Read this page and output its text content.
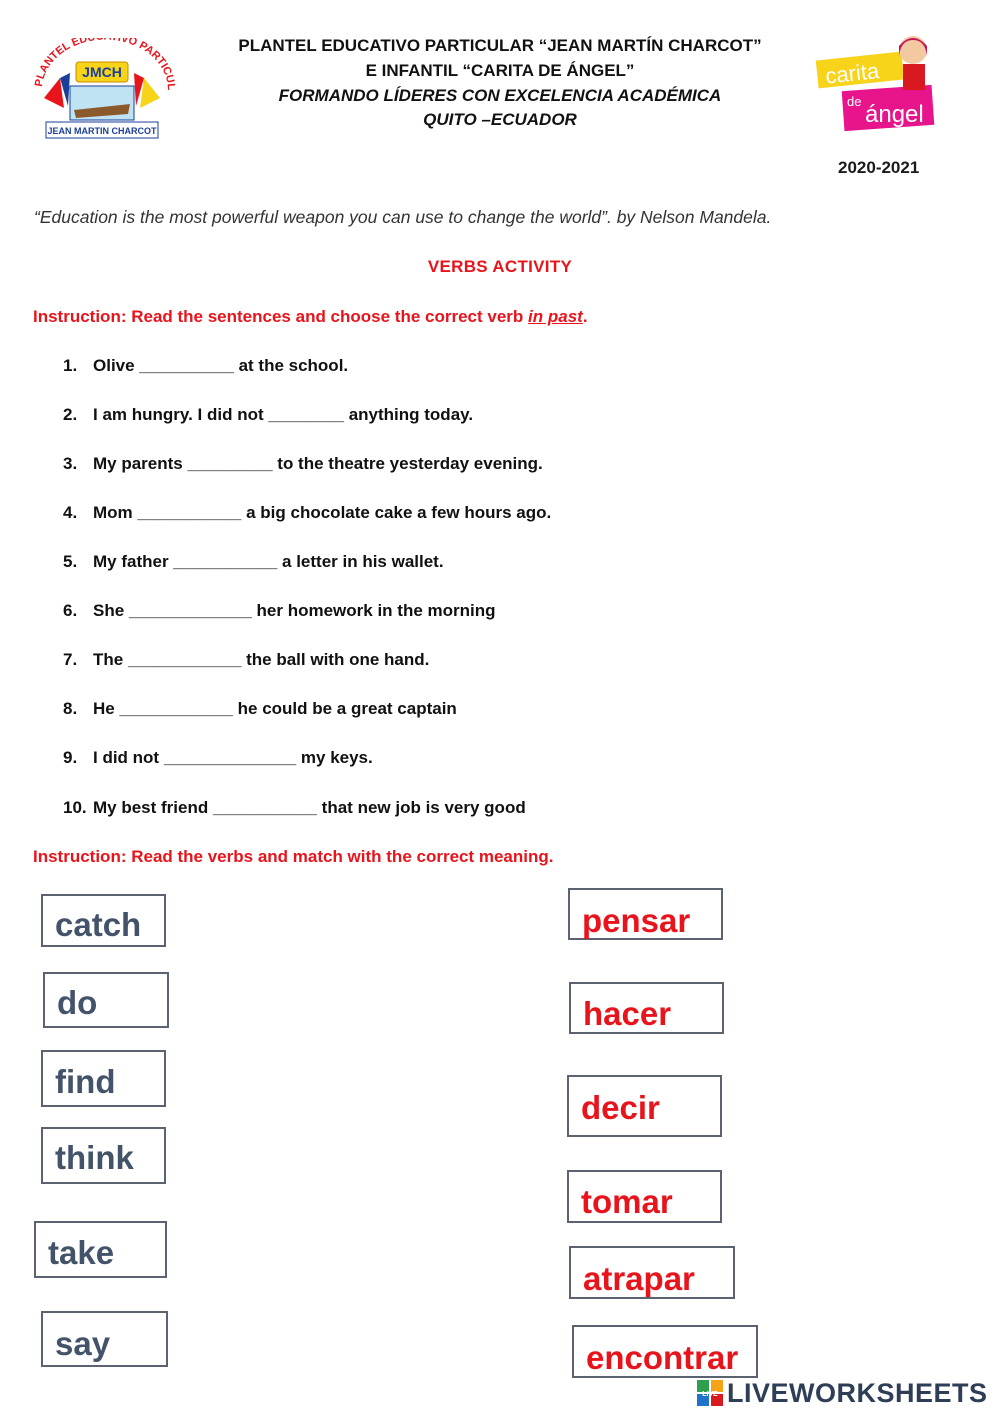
PLANTEL ED VO PARTIC
JMCH
JEAN MARTIN CHARCOT
PLANTEL EDUCATIVO PARTICULAR “JEAN MARTÍN CHARCOT”
E INFANTIL “CARITA DE ÁNGEL”
FORMANDO LÍDERES CON EXCELENCIA ACADÉMICA
QUITO –ECUADOR
carita
de ángel
2020-2021
“Education is the most powerful weapon you can use to change the world”. by Nelson Mandela.
VERBS ACTIVITY
Instruction: Read the sentences and choose the correct verb in past.
1. Olive __________ at the school.
2. I am hungry. I did not ________ anything today.
3. My parents _________ to the theatre yesterday evening.
4. Mom ___________ a big chocolate cake a few hours ago.
5. My father ___________ a letter in his wallet.
6. She _____________ her homework in the morning
7. The ____________ the ball with one hand.
8. He ____________ he could be a great captain
9. I did not ______________ my keys.
10. My best friend ___________ that new job is very good
Instruction: Read the verbs and match with the correct meaning.
catch
do
find
think
take
say
pensar
hacer
decir
tomar
atrapar
encontrar
LIVE LIVEWORKSHEETS
